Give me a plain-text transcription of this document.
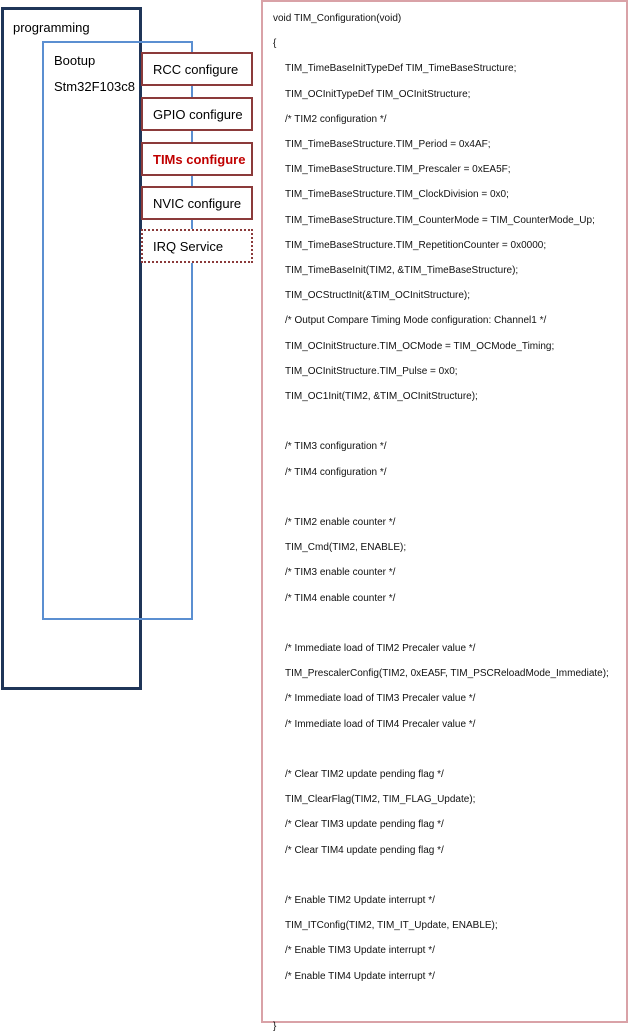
programming
Bootup
Stm32F103c8
RCC configure
GPIO configure
TIMs configure
NVIC configure
IRQ Service
void TIM_Configuration(void)
{
TIM_TimeBaseInitTypeDef TIM_TimeBaseStructure;
TIM_OCInitTypeDef TIM_OCInitStructure;
/* TIM2 configuration */
TIM_TimeBaseStructure.TIM_Period = 0x4AF;
TIM_TimeBaseStructure.TIM_Prescaler = 0xEA5F;
TIM_TimeBaseStructure.TIM_ClockDivision = 0x0;
TIM_TimeBaseStructure.TIM_CounterMode = TIM_CounterMode_Up;
TIM_TimeBaseStructure.TIM_RepetitionCounter = 0x0000;
TIM_TimeBaseInit(TIM2, &TIM_TimeBaseStructure);
TIM_OCStructInit(&TIM_OCInitStructure);
/* Output Compare Timing Mode configuration: Channel1 */
TIM_OCInitStructure.TIM_OCMode = TIM_OCMode_Timing;
TIM_OCInitStructure.TIM_Pulse = 0x0;
TIM_OC1Init(TIM2, &TIM_OCInitStructure);
/* TIM3 configuration */
/* TIM4 configuration */
/* TIM2 enable counter */
TIM_Cmd(TIM2, ENABLE);
/* TIM3 enable counter */
/* TIM4 enable counter */
/* Immediate load of TIM2 Precaler value */
TIM_PrescalerConfig(TIM2, 0xEA5F, TIM_PSCReloadMode_Immediate);
/* Immediate load of TIM3 Precaler value */
/* Immediate load of TIM4 Precaler value */
/* Clear TIM2 update pending flag */
TIM_ClearFlag(TIM2, TIM_FLAG_Update);
/* Clear TIM3 update pending flag */
/* Clear TIM4 update pending flag */
/* Enable TIM2 Update interrupt */
TIM_ITConfig(TIM2, TIM_IT_Update, ENABLE);
/* Enable TIM3 Update interrupt */
/* Enable TIM4 Update interrupt */
}
